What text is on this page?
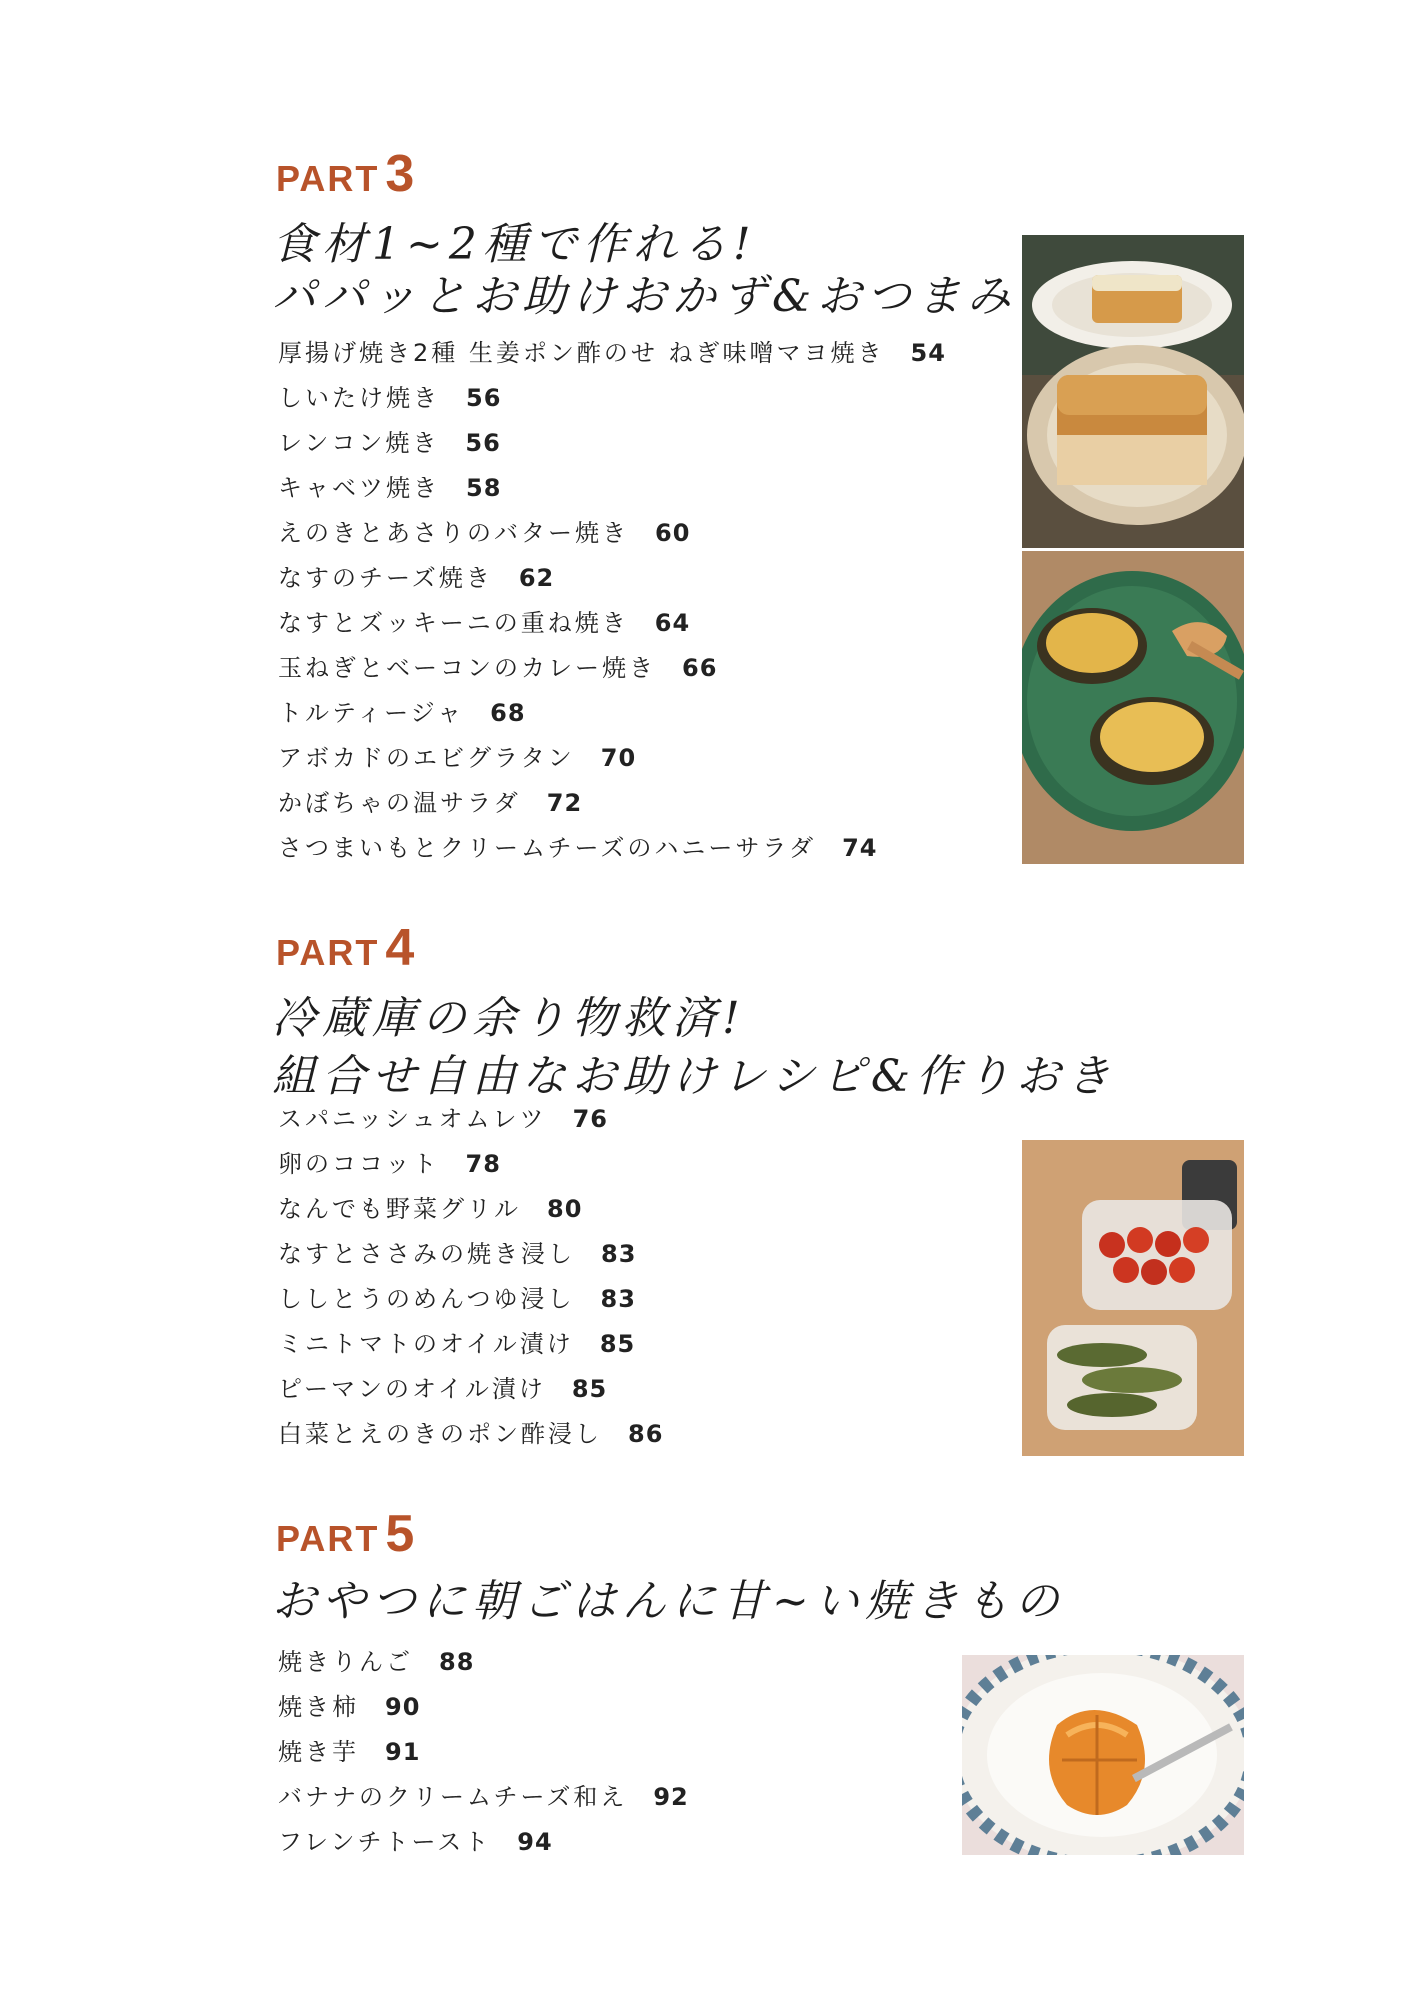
PART 3
食材1~2種で作れる!
パパッとお助けおかず&おつまみ
厚揚げ焼き2種 生姜ポン酢のせ ねぎ味噌マヨ焼き 54
しいたけ焼き 56
レンコン焼き 56
キャベツ焼き 58
えのきとあさりのバター焼き 60
なすのチーズ焼き 62
なすとズッキーニの重ね焼き 64
玉ねぎとベーコンのカレー焼き 66
トルティージャ 68
アボカドのエビグラタン 70
かぼちゃの温サラダ 72
さつまいもとクリームチーズのハニーサラダ 74
PART 4
冷蔵庫の余り物救済!
組合せ自由なお助けレシピ&作りおき
スパニッシュオムレツ 76
卵のココット 78
なんでも野菜グリル 80
なすとささみの焼き浸し 83
ししとうのめんつゆ浸し 83
ミニトマトのオイル漬け 85
ピーマンのオイル漬け 85
白菜とえのきのポン酢浸し 86
PART 5
おやつに朝ごはんに甘~い焼きもの
焼きりんご 88
焼き柿 90
焼き芋 91
バナナのクリームチーズ和え 92
フレンチトースト 94
